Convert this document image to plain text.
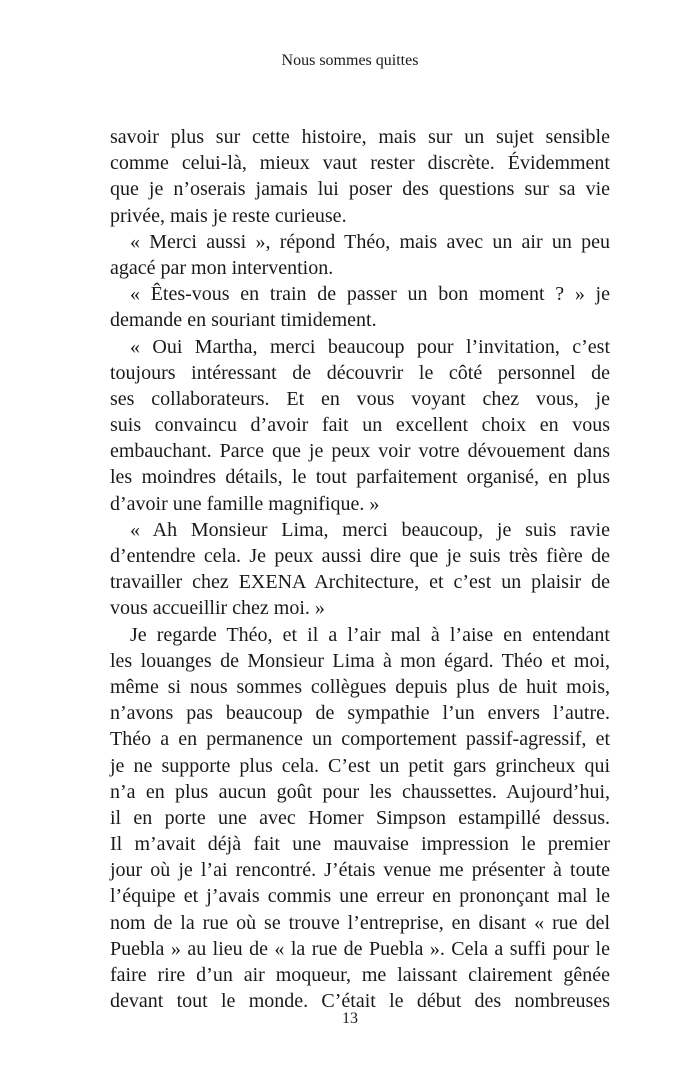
Nous sommes quittes
savoir plus sur cette histoire, mais sur un sujet sensible
comme celui-là, mieux vaut rester discrète. Évidemment
que je n’oserais jamais lui poser des questions sur sa vie
privée, mais je reste curieuse.
« Merci aussi », répond Théo, mais avec un air un peu
agacé par mon intervention.
« Êtes-vous en train de passer un bon moment ? » je
demande en souriant timidement.
« Oui Martha, merci beaucoup pour l’invitation, c’est
toujours intéressant de découvrir le côté personnel de
ses collaborateurs. Et en vous voyant chez vous, je
suis convaincu d’avoir fait un excellent choix en vous
embauchant. Parce que je peux voir votre dévouement dans
les moindres détails, le tout parfaitement organisé, en plus
d’avoir une famille magnifique. »
« Ah Monsieur Lima, merci beaucoup, je suis ravie
d’entendre cela. Je peux aussi dire que je suis très fière de
travailler chez EXENA Architecture, et c’est un plaisir de
vous accueillir chez moi. »
Je regarde Théo, et il a l’air mal à l’aise en entendant
les louanges de Monsieur Lima à mon égard. Théo et moi,
même si nous sommes collègues depuis plus de huit mois,
n’avons pas beaucoup de sympathie l’un envers l’autre.
Théo a en permanence un comportement passif-agressif, et
je ne supporte plus cela. C’est un petit gars grincheux qui
n’a en plus aucun goût pour les chaussettes. Aujourd’hui,
il en porte une avec Homer Simpson estampillé dessus.
Il m’avait déjà fait une mauvaise impression le premier
jour où je l’ai rencontré. J’étais venue me présenter à toute
l’équipe et j’avais commis une erreur en prononçant mal le
nom de la rue où se trouve l’entreprise, en disant « rue del
Puebla » au lieu de « la rue de Puebla ». Cela a suffi pour le
faire rire d’un air moqueur, me laissant clairement gênée
devant tout le monde. C’était le début des nombreuses
13
